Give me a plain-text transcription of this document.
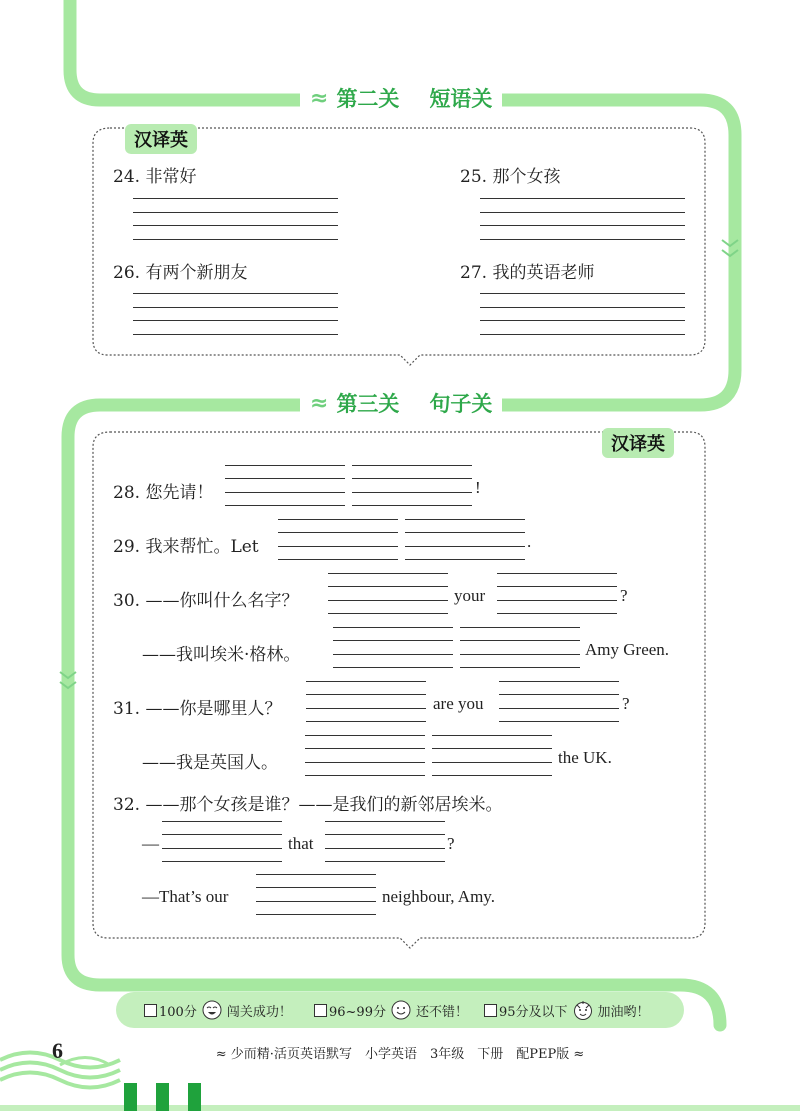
≈ 第二关 短语关
汉译英
24. 非常好	25. 那个女孩
26. 有两个新朋友	27. 我的英语老师
≈ 第三关 句子关
汉译英
28. 您先请！	!
29. 我来帮忙。Let	.
30. ——你叫什么名字？	your	?
——我叫埃米·格林。	Amy Green.
31. ——你是哪里人？	are you	?
——我是英国人。	the UK.
32. ——那个女孩是谁？——是我们的新邻居埃米。
—	that	?
—That’s our	neighbour, Amy.
100分 闯关成功！	96~99分 还不错！ 95分及以下 加油哟！
6	≈ 少而精·活页英语默写　小学英语　3年级　下册　配PEP版 ≈
